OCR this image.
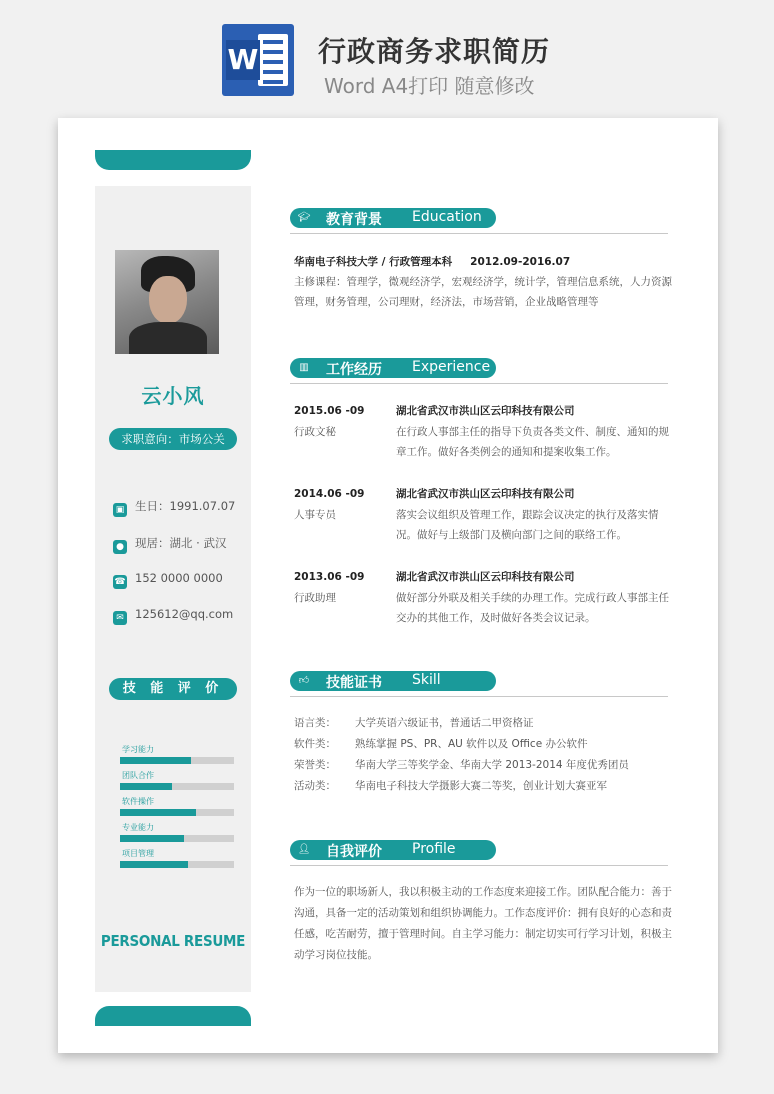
W 行政商务求职简历
Word A4打印 随意修改
云小风
求职意向：市场公关
▣ 生日：1991.07.07
● 现居：湖北 · 武汉
☎ 152 0000 0000
✉ 125612@qq.com
技 能 评 价
学习能力
团队合作
软件操作
专业能力
项目管理
PERSONAL RESUME
🎓︎ 教育背景 Education
华南电子科技大学 / 行政管理本科 2012.09-2016.07
主修课程：管理学，微观经济学，宏观经济学，统计学，管理信息系统，人力资源管理，财务管理，公司理财，经济法，市场营销，企业战略管理等
▥ 工作经历 Experience
2015.06 -09
行政文秘
湖北省武汉市洪山区云印科技有限公司
在行政人事部主任的指导下负责各类文件、制度、通知的规章工作。做好各类例会的通知和提案收集工作。
2014.06 -09
人事专员
湖北省武汉市洪山区云印科技有限公司
落实会议组织及管理工作，跟踪会议决定的执行及落实情况。做好与上级部门及横向部门之间的联络工作。
2013.06 -09
行政助理
湖北省武汉市洪山区云印科技有限公司
做好部分外联及相关手续的办理工作。完成行政人事部主任交办的其他工作，及时做好各类会议记录。
👍︎ 技能证书 Skill
语言类： 大学英语六级证书，普通话二甲资格证
软件类： 熟练掌握 PS、PR、AU 软件以及 Office 办公软件
荣誉类： 华南大学三等奖学金、华南大学 2013-2014 年度优秀团员
活动类： 华南电子科技大学摄影大赛二等奖，创业计划大赛亚军
👤︎ 自我评价 Profile
作为一位的职场新人，我以积极主动的工作态度来迎接工作。团队配合能力：善于沟通，具备一定的活动策划和组织协调能力。工作态度评价：拥有良好的心态和责任感，吃苦耐劳，擅于管理时间。自主学习能力：制定切实可行学习计划，积极主动学习岗位技能。
